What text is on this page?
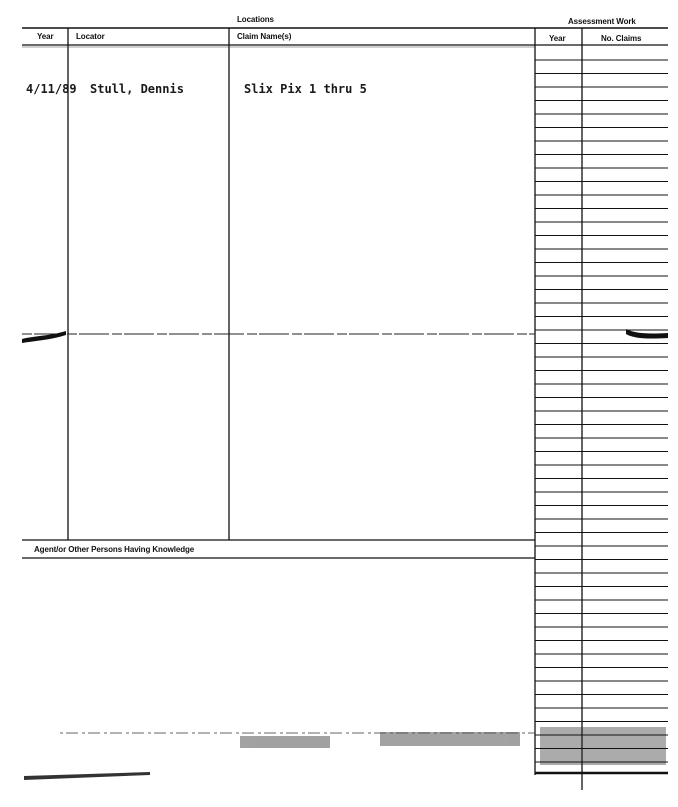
Locations	Assessment Work
Year	Locator	Claim Name(s)	Year	No. Claims
4/11/89 Stull, Dennis	Slix Pix 1 thru 5
Agent/or Other Persons Having Knowledge
